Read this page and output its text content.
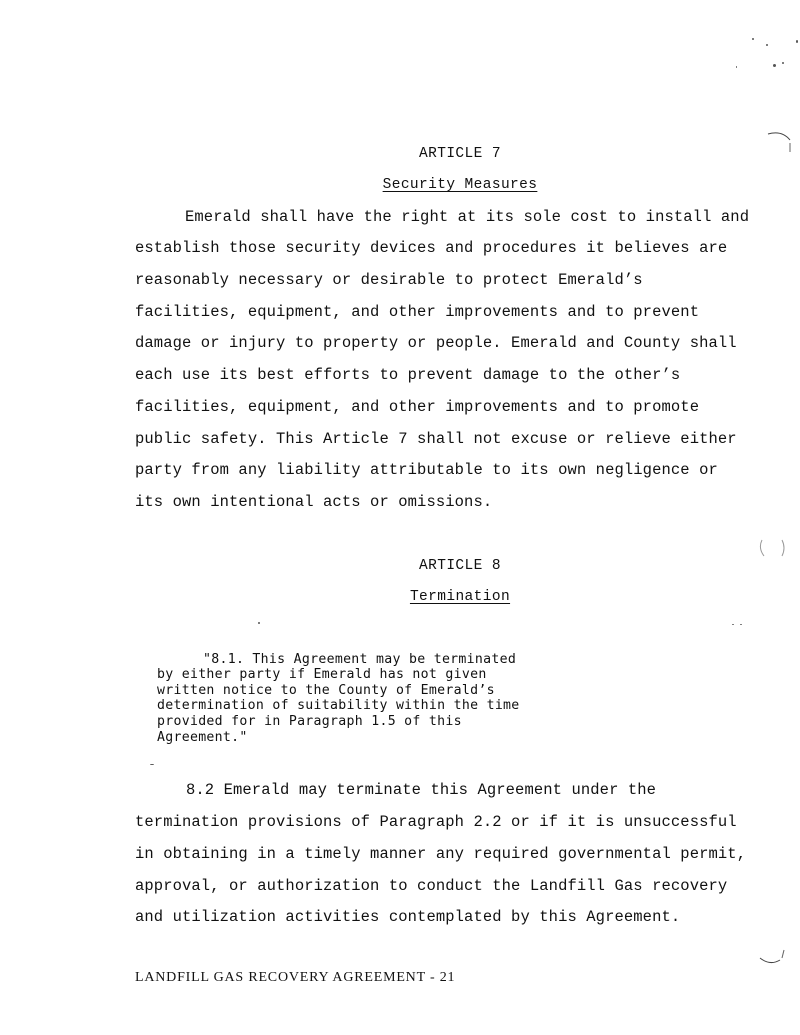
ARTICLE 7
Security Measures
Emerald shall have the right at its sole cost to install and
establish those security devices and procedures it believes are
reasonably necessary or desirable to protect Emerald’s
facilities, equipment, and other improvements and to prevent
damage or injury to property or people. Emerald and County shall
each use its best efforts to prevent damage to the other’s
facilities, equipment, and other improvements and to promote
public safety. This Article 7 shall not excuse or relieve either
party from any liability attributable to its own negligence or
its own intentional acts or omissions.
ARTICLE 8
Termination
"8.1. This Agreement may be terminated
by either party if Emerald has not given
written notice to the County of Emerald’s
determination of suitability within the time
provided for in Paragraph 1.5 of this
Agreement."
8.2 Emerald may terminate this Agreement under the
termination provisions of Paragraph 2.2 or if it is unsuccessful
in obtaining in a timely manner any required governmental permit,
approval, or authorization to conduct the Landfill Gas recovery
and utilization activities contemplated by this Agreement.
LANDFILL GAS RECOVERY AGREEMENT - 21
